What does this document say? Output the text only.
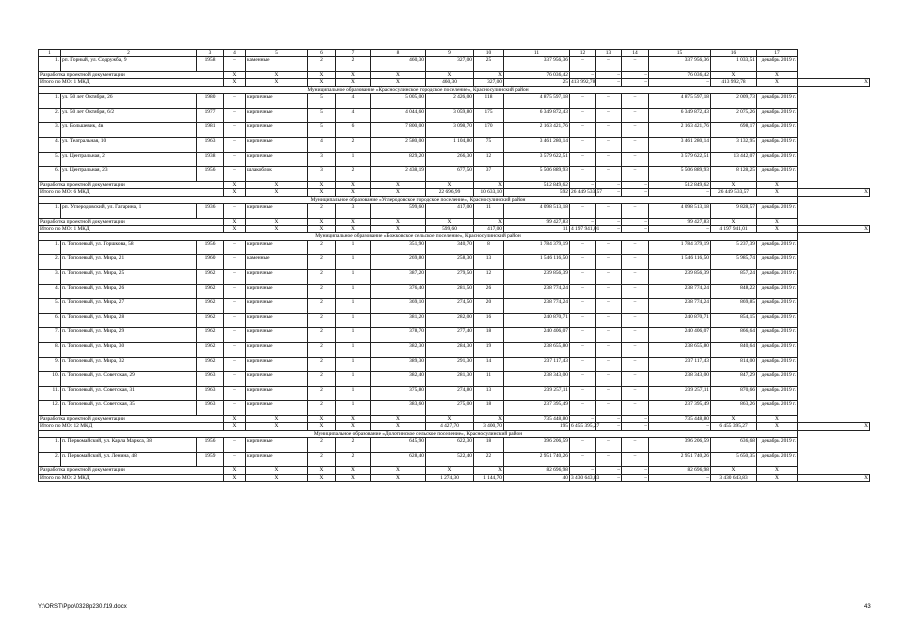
1	2	3	4	5	6	7	8	9	10	11	12	13	14	15	16	17	
1.	рп. Горный, ул. Содружба, 9	1958	–	каменные	2	2	460,30	327,00	25	337 956,36	–	–	–	337 956,36	1 033,51	декабрь 2019 г.	
Разработка проектной документации			X	X	X	X	X	X	X	76 036,42	–	–	–	76 036,42	X	X	
Итого по МО: 1 МКД			X	X	X	X	X	460,30	327,00	25	413 992,78	–	–	–	413 992,78	X	X
Муниципальное образование «Красносулинское городское поселение», Красносулинский район																	
1.	ул. 50 лет Октября, 26	1980	–	кирпичные	5	4	5 005,00	2 426,00	118	4 875 597,18	–	–	–	4 875 597,18	2 009,73	декабрь 2019 г.	
2.	ул. 50 лет Октября, 6/2	1977	–	кирпичные	5	4	4 044,60	3 059,80	175	6 349 872,43	–	–	–	6 349 872,43	2 075,26	декабрь 2019 г.	
3.	ул. Большевик, 4в	1981	–	кирпичные	5	6	7 800,00	3 098,70	170	2 163 421,76	–	–	–	2 163 421,76	698,17	декабрь 2019 г.	
4.	ул. Театральная, 10	1963	–	кирпичные	4	2	2 580,00	1 104,80	75	3 461 280,14	–	–	–	3 461 280,14	3 132,95	декабрь 2019 г.	
5.	ул. Центральная, 2	1938	–	кирпичные	3	1	829,20	266,30	12	3 579 622,51	–	–	–	3 579 622,51	13 442,07	декабрь 2019 г.	
6.	ул. Центральная, 23	1956	–	шлакоблок	3	2	2 438,19	677,50	37	5 506 889,93	–	–	–	5 506 889,93	8 128,25	декабрь 2019 г.	
Разработка проектной документации			X	X	X	X	X	X	X	512 849,62	–	–	–	512 849,62	X	X	
Итого по МО: 6 МКД			X	X	X	X	X	22 696,99	10 633,10	592	26 449 533,57	–	–	–	26 449 533,57	X	X
Муниципальное образование «Углеродовское городское поселение», Красносулинский район																	
1.	рп. Углеродовский, ул. Гагарина, 1	1936	–	кирпичные	2	3	599,60	417,00	11	4 098 513,18	–	–	–	4 098 513,18	9 828,57	декабрь 2019 г.	
Разработка проектной документации			X	X	X	X	X	X	X	99 427,83	–	–	–	99 427,83	X	X	
Итого по МО: 1 МКД			X	X	X	X	X	599,60	417,00	11	4 197 941,01	–	–	–	4 197 941,01	X	X
Муниципальное образование «Божковское сельское поселение», Красносулинский район																	
1.	п. Тополевый, ул. Горшкова, 58	1956	–	кирпичные	2	1	351,90	340,70	8	1 784 379,19	–	–	–	1 784 379,19	5 237,39	декабрь 2019 г.	
2.	п. Тополевый, ул. Мира, 21	1960	–	каменные	2	1	269,80	258,30	13	1 546 116,50	–	–	–	1 546 116,50	5 985,74	декабрь 2019 г.	
3.	п. Тополевый, ул. Мира, 25	1962	–	кирпичные	2	1	387,20	279,50	12	239 856,39	–	–	–	239 856,39	857,24	декабрь 2019 г.	
4.	п. Тополевый, ул. Мира, 26	1962	–	кирпичные	2	1	376,40	281,50	26	238 774,24	–	–	–	238 774,24	848,22	декабрь 2019 г.	
5.	п. Тополевый, ул. Мира, 27	1962	–	кирпичные	2	1	369,10	274,50	20	238 774,24	–	–	–	238 774,24	869,85	декабрь 2019 г.	
6.	п. Тополевый, ул. Мира, 28	1962	–	кирпичные	2	1	381,20	282,00	16	240 870,71	–	–	–	240 870,71	854,15	декабрь 2019 г.	
7.	п. Тополевый, ул. Мира, 29	1962	–	кирпичные	2	1	378,70	277,40	18	240 406,07	–	–	–	240 406,07	866,64	декабрь 2019 г.	
8.	п. Тополевый, ул. Мира, 30	1962	–	кирпичные	2	1	382,30	284,30	19	238 655,80	–	–	–	238 655,80	840,64	декабрь 2019 г.	
9.	п. Тополевый, ул. Мира, 32	1962	–	кирпичные	2	1	389,30	291,30	14	237 117,43	–	–	–	237 117,43	814,00	декабрь 2019 г.	
10.	п. Тополевый, ул. Советская, 29	1963	–	кирпичные	2	1	382,40	281,30	11	238 343,00	–	–	–	238 343,00	847,29	декабрь 2019 г.	
11.	п. Тополевый, ул. Советская, 31	1963	–	кирпичные	2	1	375,80	274,80	13	239 257,11	–	–	–	239 257,11	870,66	декабрь 2019 г.	
12.	п. Тополевый, ул. Советская, 35	1963	–	кирпичные	2	1	383,60	275,00	18	237 395,49	–	–	–	237 395,49	863,26	декабрь 2019 г.	
Разработка проектной документации			X	X	X	X	X	X	X	735 448,80	–	–	–	735 448,80	X	X	
Итого по МО: 12 МКД			X	X	X	X	X	4 427,70	3 400,70	195	6 455 395,27	–	–	–	6 455 395,27	X	X
Муниципальное образование «Долотинское сельское поселение», Красносулинский район																	
1.	п. Первомайский, ул. Карла Маркса, 38	1956	–	кирпичные	2	2	645,90	622,30	18	396 206,59	–	–	–	396 206,59	636,68	декабрь 2019 г.	
2.	п. Первомайский, ул. Ленина, 48	1959	–	кирпичные	2	2	628,40	522,40	22	2 951 740,26	–	–	–	2 951 740,26	5 650,35	декабрь 2019 г.	
Разработка проектной документации			X	X	X	X	X	X	X	82 696,98	–	–	–	82 696,98	X	X	
Итого по МО: 2 МКД			X	X	X	X	X	1 274,30	1 144,70	40	3 430 643,83	–	–	–	3 430 643,83	X	X
Y:\ORST\Ppo\0328p230.f19.docx	43
